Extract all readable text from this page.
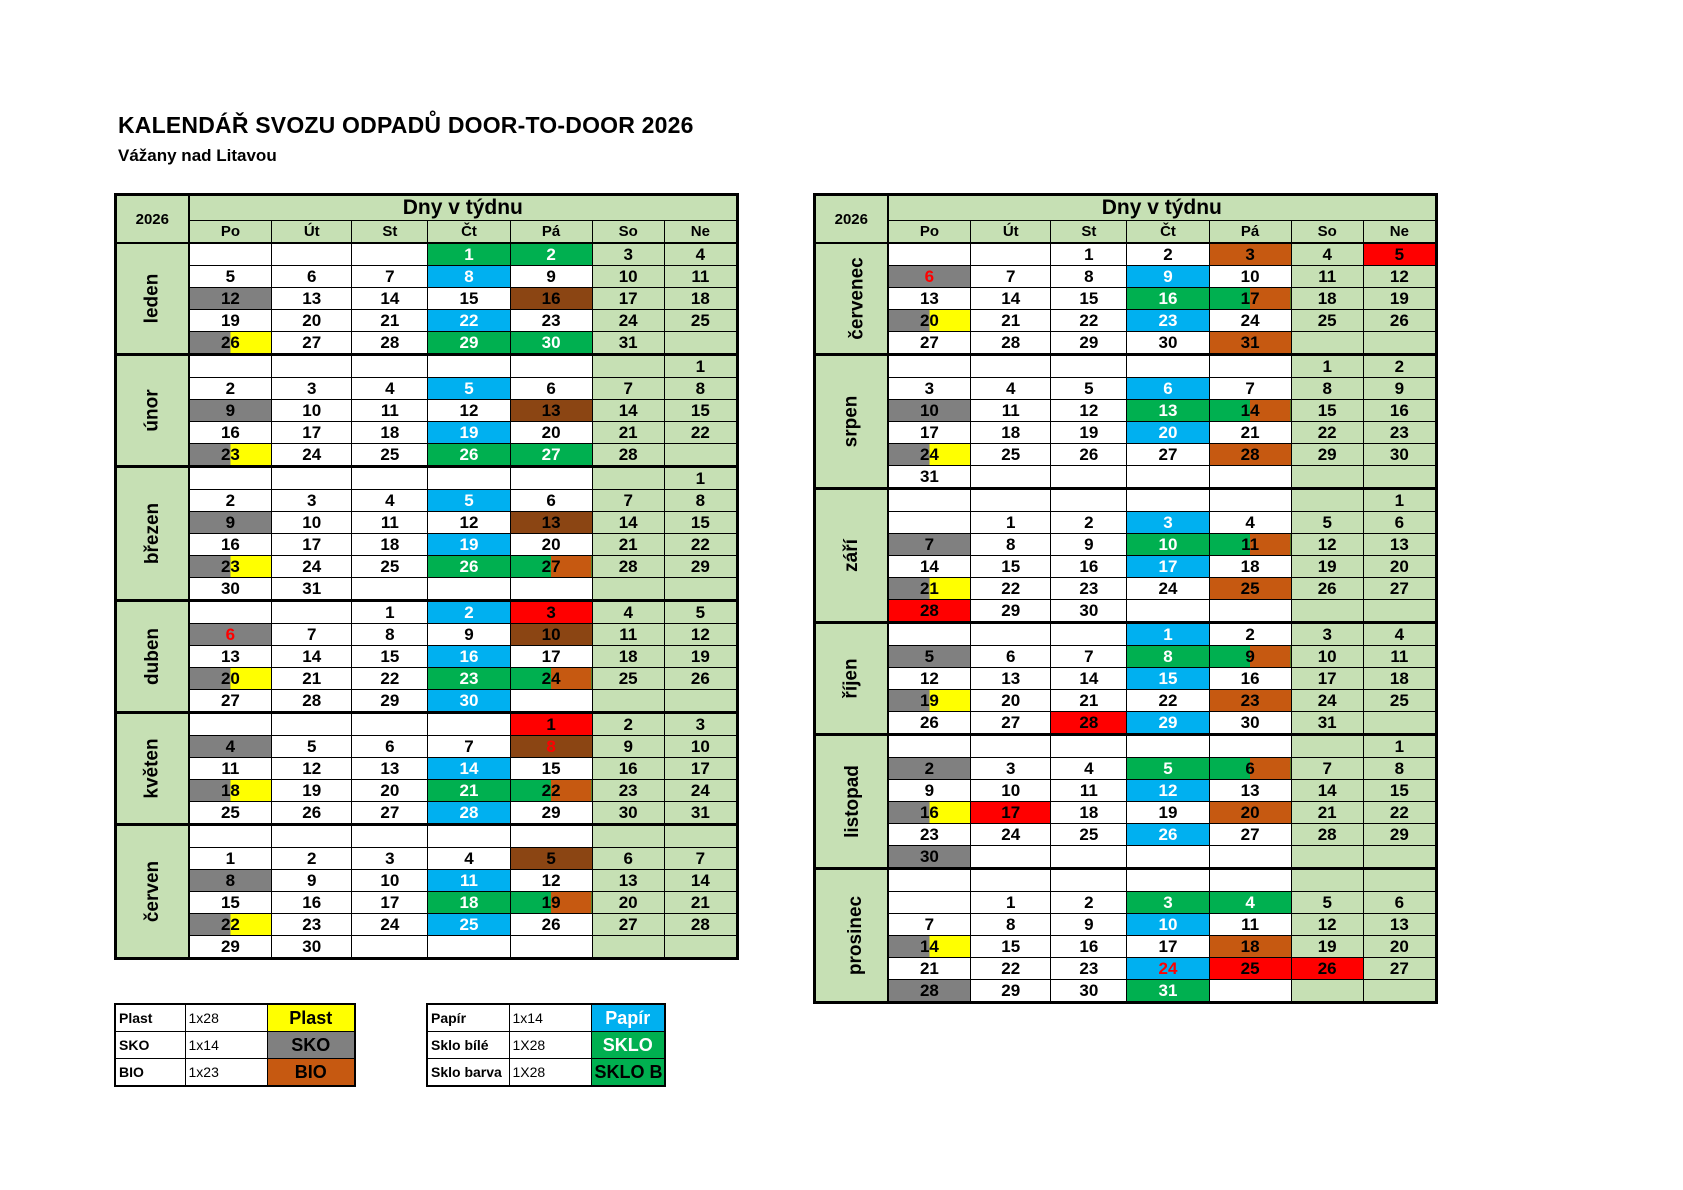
KALENDÁŘ SVOZU ODPADŮ DOOR-TO-DOOR 2026
Vážany nad Litavou
2026	Dny v týdnu						
	Po	Út	St	Čt	Pá	So	Ne
leden				1	2	3	4
	5	6	7	8	9	10	11
	12	13	14	15	16	17	18
	19	20	21	22	23	24	25
	26	27	28	29	30	31	
únor							1
	2	3	4	5	6	7	8
	9	10	11	12	13	14	15
	16	17	18	19	20	21	22
	23	24	25	26	27	28	
březen							1
	2	3	4	5	6	7	8
	9	10	11	12	13	14	15
	16	17	18	19	20	21	22
	23	24	25	26	27	28	29
	30	31					
duben			1	2	3	4	5
	6	7	8	9	10	11	12
	13	14	15	16	17	18	19
	20	21	22	23	24	25	26
	27	28	29	30			
květen					1	2	3
	4	5	6	7	8	9	10
	11	12	13	14	15	16	17
	18	19	20	21	22	23	24
	25	26	27	28	29	30	31
červen							
	1	2	3	4	5	6	7
	8	9	10	11	12	13	14
	15	16	17	18	19	20	21
	22	23	24	25	26	27	28
	29	30					
2026	Dny v týdnu						
	Po	Út	St	Čt	Pá	So	Ne
červenec			1	2	3	4	5
	6	7	8	9	10	11	12
	13	14	15	16	17	18	19
	20	21	22	23	24	25	26
	27	28	29	30	31		
srpen						1	2
	3	4	5	6	7	8	9
	10	11	12	13	14	15	16
	17	18	19	20	21	22	23
	24	25	26	27	28	29	30
	31						
září							1
		1	2	3	4	5	6
	7	8	9	10	11	12	13
	14	15	16	17	18	19	20
	21	22	23	24	25	26	27
	28	29	30				
říjen				1	2	3	4
	5	6	7	8	9	10	11
	12	13	14	15	16	17	18
	19	20	21	22	23	24	25
	26	27	28	29	30	31	
listopad							1
	2	3	4	5	6	7	8
	9	10	11	12	13	14	15
	16	17	18	19	20	21	22
	23	24	25	26	27	28	29
	30						
prosinec							
		1	2	3	4	5	6
	7	8	9	10	11	12	13
	14	15	16	17	18	19	20
	21	22	23	24	25	26	27
	28	29	30	31			
Plast	1x28	Plast
SKO	1x14	SKO
BIO	1x23	BIO
Papír	1x14	Papír
Sklo bílé	1X28	SKLO
Sklo barva	1X28	SKLO B
